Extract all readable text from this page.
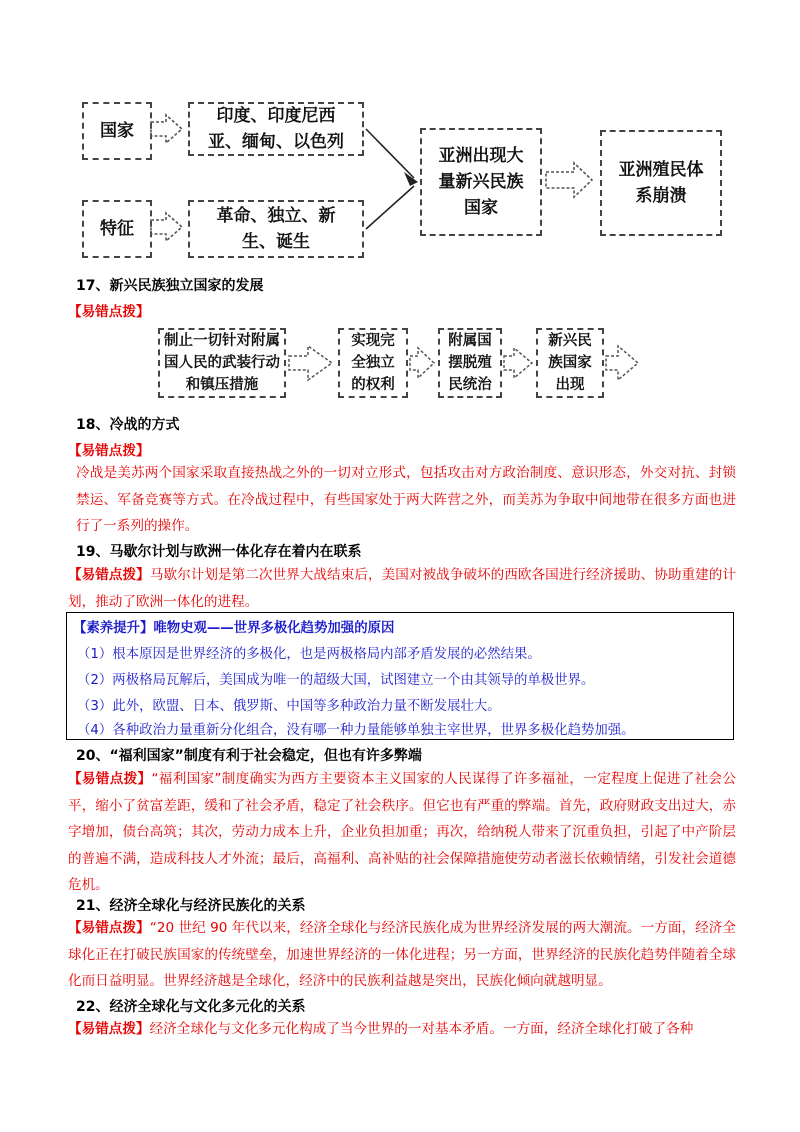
国家
特征
印度、印度尼西亚、缅甸、以色列
革命、独立、新生、诞生
亚洲出现大量新兴民族国家
亚洲殖民体系崩溃
17、新兴民族独立国家的发展
【易错点拨】
制止一切针对附属国人民的武装行动和镇压措施
实现完全独立的权利
附属国摆脱殖民统治
新兴民族国家出现
18、冷战的方式
【易错点拨】
冷战是美苏两个国家采取直接热战之外的一切对立形式，包括攻击对方政治制度、意识形态，外交对抗、封锁禁运、军备竞赛等方式。在冷战过程中，有些国家处于两大阵营之外，而美苏为争取中间地带在很多方面也进行了一系列的操作。
19、马歇尔计划与欧洲一体化存在着内在联系
【易错点拨】马歇尔计划是第二次世界大战结束后，美国对被战争破坏的西欧各国进行经济援助、协助重建的计划，推动了欧洲一体化的进程。
【素养提升】唯物史观——世界多极化趋势加强的原因
（1）根本原因是世界经济的多极化，也是两极格局内部矛盾发展的必然结果。
（2）两极格局瓦解后，美国成为唯一的超级大国，试图建立一个由其领导的单极世界。
（3）此外，欧盟、日本、俄罗斯、中国等多种政治力量不断发展壮大。
（4）各种政治力量重新分化组合，没有哪一种力量能够单独主宰世界，世界多极化趋势加强。
20、“福利国家”制度有利于社会稳定，但也有许多弊端
【易错点拨】“福利国家”制度确实为西方主要资本主义国家的人民谋得了许多福祉，一定程度上促进了社会公平，缩小了贫富差距，缓和了社会矛盾，稳定了社会秩序。但它也有严重的弊端。首先，政府财政支出过大，赤字增加，债台高筑；其次，劳动力成本上升，企业负担加重；再次，给纳税人带来了沉重负担，引起了中产阶层的普遍不满，造成科技人才外流；最后，高福利、高补贴的社会保障措施使劳动者滋长依赖情绪，引发社会道德危机。
21、经济全球化与经济民族化的关系
【易错点拨】“20 世纪 90 年代以来，经济全球化与经济民族化成为世界经济发展的两大潮流。一方面，经济全球化正在打破民族国家的传统壁垒，加速世界经济的一体化进程；另一方面，世界经济的民族化趋势伴随着全球化而日益明显。世界经济越是全球化，经济中的民族利益越是突出，民族化倾向就越明显。
22、经济全球化与文化多元化的关系
【易错点拨】经济全球化与文化多元化构成了当今世界的一对基本矛盾。一方面，经济全球化打破了各种
